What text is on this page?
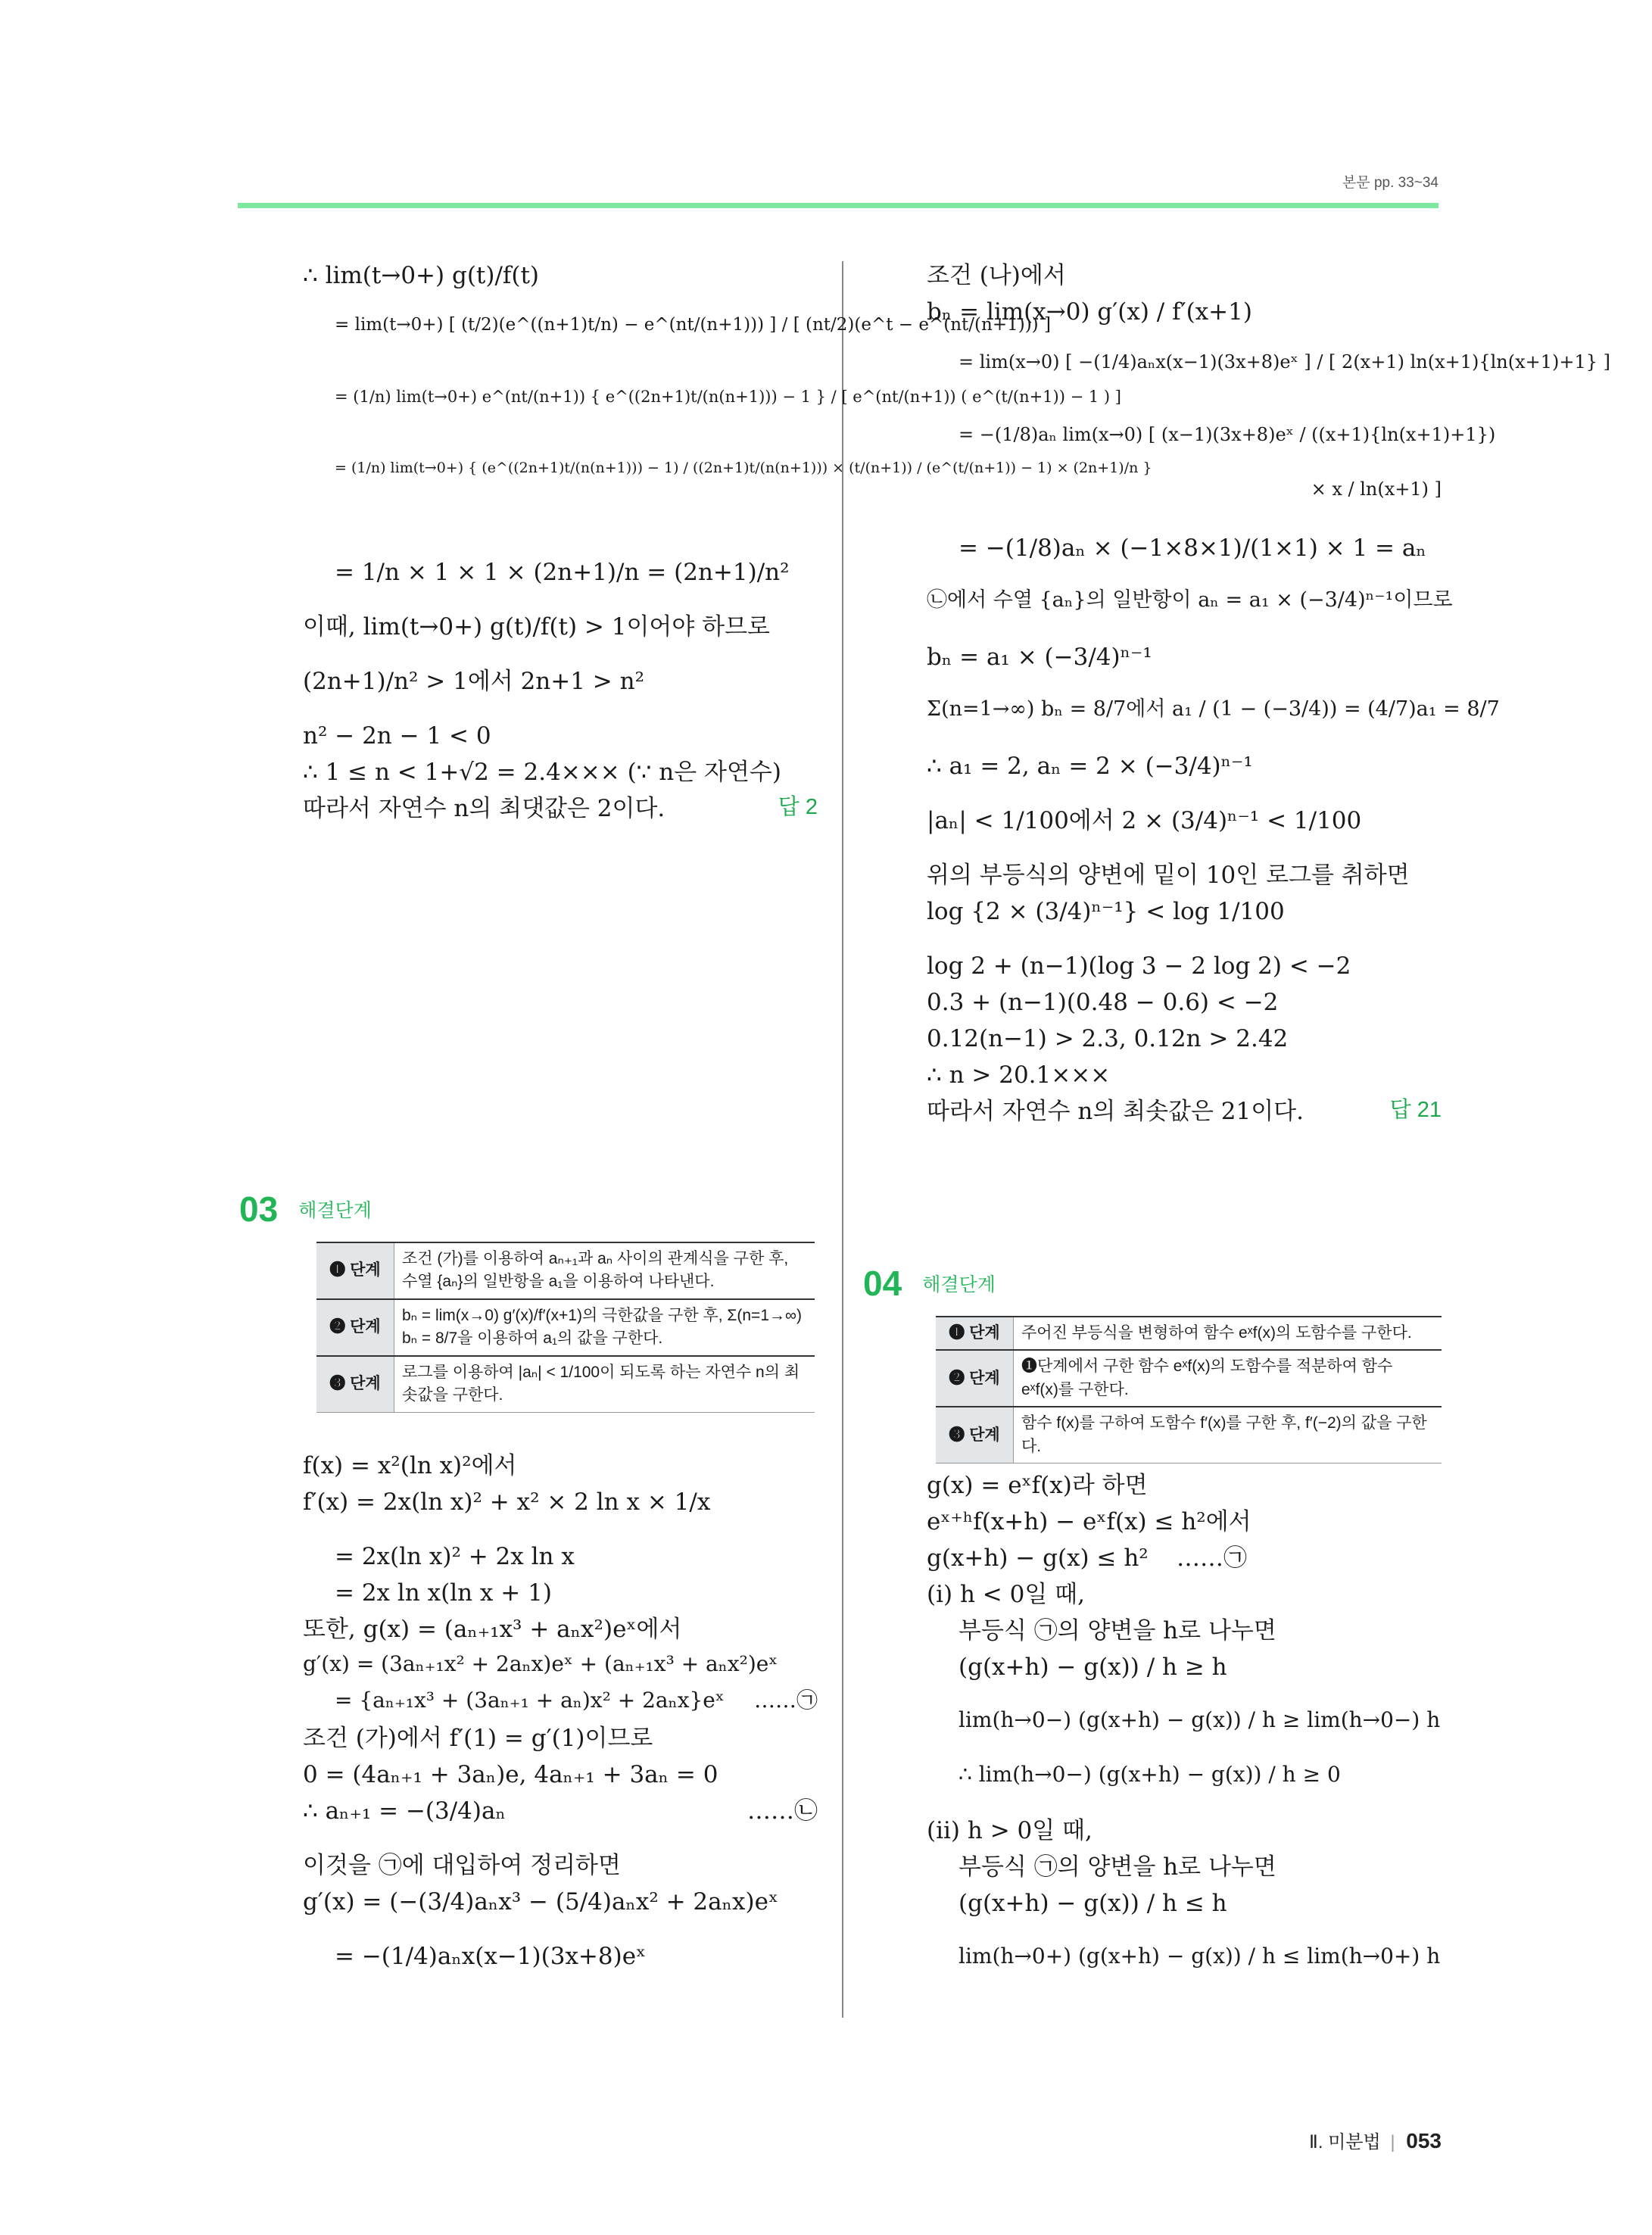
본문 pp. 33~34
∴ lim(t→0+) g(t)/f(t)
= lim(t→0+) [ (t/2)(e^((n+1)t/n) − e^(nt/(n+1))) ] / [ (nt/2)(e^t − e^(nt/(n+1))) ]
= (1/n) lim(t→0+) e^(nt/(n+1)) { e^((2n+1)t/(n(n+1))) − 1 } / [ e^(nt/(n+1)) ( e^(t/(n+1)) − 1 ) ]
= (1/n) lim(t→0+) { (e^((2n+1)t/(n(n+1))) − 1) / ((2n+1)t/(n(n+1))) × (t/(n+1)) / (e^(t/(n+1)) − 1) × (2n+1)/n }
= 1/n × 1 × 1 × (2n+1)/n = (2n+1)/n²
이때, lim(t→0+) g(t)/f(t) > 1이어야 하므로
(2n+1)/n² > 1에서 2n+1 > n²
n² − 2n − 1 < 0
∴ 1 ≤ n < 1+√2 = 2.4××× (∵ n은 자연수)
따라서 자연수 n의 최댓값은 2이다.	답 2
조건 (나)에서
bₙ = lim(x→0) g′(x) / f′(x+1)
= lim(x→0) [ −(1/4)aₙx(x−1)(3x+8)eˣ ] / [ 2(x+1) ln(x+1){ln(x+1)+1} ]
= −(1/8)aₙ lim(x→0) [ (x−1)(3x+8)eˣ / ((x+1){ln(x+1)+1})
× x / ln(x+1) ]
= −(1/8)aₙ × (−1×8×1)/(1×1) × 1 = aₙ
㉡에서 수열 {aₙ}의 일반항이 aₙ = a₁ × (−3/4)ⁿ⁻¹이므로
bₙ = a₁ × (−3/4)ⁿ⁻¹
Σ(n=1→∞) bₙ = 8/7에서 a₁ / (1 − (−3/4)) = (4/7)a₁ = 8/7
∴ a₁ = 2, aₙ = 2 × (−3/4)ⁿ⁻¹
|aₙ| < 1/100에서 2 × (3/4)ⁿ⁻¹ < 1/100
위의 부등식의 양변에 밑이 10인 로그를 취하면
log {2 × (3/4)ⁿ⁻¹} < log 1/100
log 2 + (n−1)(log 3 − 2 log 2) < −2
0.3 + (n−1)(0.48 − 0.6) < −2
0.12(n−1) > 2.3, 0.12n > 2.42
∴ n > 20.1×××
따라서 자연수 n의 최솟값은 21이다.	답 21
03 해결단계
❶ 단계	조건 (가)를 이용하여 aₙ₊₁과 aₙ 사이의 관계식을 구한 후, 수열 {aₙ}의 일반항을 a₁을 이용하여 나타낸다.
❷ 단계	bₙ = lim(x→0) g′(x)/f′(x+1)의 극한값을 구한 후, Σ(n=1→∞) bₙ = 8/7을 이용하여 a₁의 값을 구한다.
❸ 단계	로그를 이용하여 |aₙ| < 1/100이 되도록 하는 자연수 n의 최솟값을 구한다.
f(x) = x²(ln x)²에서
f′(x) = 2x(ln x)² + x² × 2 ln x × 1/x
= 2x(ln x)² + 2x ln x
= 2x ln x(ln x + 1)
또한, g(x) = (aₙ₊₁x³ + aₙx²)eˣ에서
g′(x) = (3aₙ₊₁x² + 2aₙx)eˣ + (aₙ₊₁x³ + aₙx²)eˣ
= {aₙ₊₁x³ + (3aₙ₊₁ + aₙ)x² + 2aₙx}eˣ ……㉠
조건 (가)에서 f′(1) = g′(1)이므로
0 = (4aₙ₊₁ + 3aₙ)e, 4aₙ₊₁ + 3aₙ = 0
∴ aₙ₊₁ = −(3/4)aₙ	……㉡
이것을 ㉠에 대입하여 정리하면
g′(x) = (−(3/4)aₙx³ − (5/4)aₙx² + 2aₙx)eˣ
= −(1/4)aₙx(x−1)(3x+8)eˣ
04 해결단계
❶ 단계	주어진 부등식을 변형하여 함수 eˣf(x)의 도함수를 구한다.
❷ 단계	❶단계에서 구한 함수 eˣf(x)의 도함수를 적분하여 함수 eˣf(x)를 구한다.
❸ 단계	함수 f(x)를 구하여 도함수 f′(x)를 구한 후, f′(−2)의 값을 구한다.
g(x) = eˣf(x)라 하면
eˣ⁺ʰf(x+h) − eˣf(x) ≤ h²에서
g(x+h) − g(x) ≤ h² ……㉠
(i) h < 0일 때,
부등식 ㉠의 양변을 h로 나누면
(g(x+h) − g(x)) / h ≥ h
lim(h→0−) (g(x+h) − g(x)) / h ≥ lim(h→0−) h
∴ lim(h→0−) (g(x+h) − g(x)) / h ≥ 0
(ii) h > 0일 때,
부등식 ㉠의 양변을 h로 나누면
(g(x+h) − g(x)) / h ≤ h
lim(h→0+) (g(x+h) − g(x)) / h ≤ lim(h→0+) h
Ⅱ. 미분법 | 053
